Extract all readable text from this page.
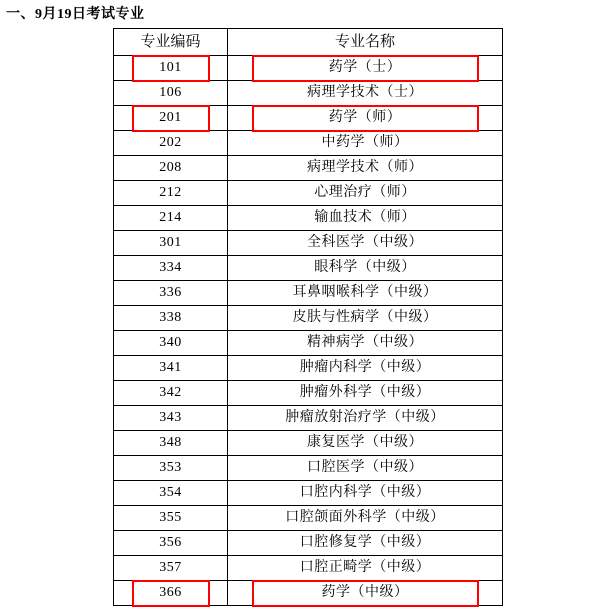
一、9月19日考试专业
专业编码	专业名称
101	药学（士）
106	病理学技术（士）
201	药学（师）
202	中药学（师）
208	病理学技术（师）
212	心理治疗（师）
214	输血技术（师）
301	全科医学（中级）
334	眼科学（中级）
336	耳鼻咽喉科学（中级）
338	皮肤与性病学（中级）
340	精神病学（中级）
341	肿瘤内科学（中级）
342	肿瘤外科学（中级）
343	肿瘤放射治疗学（中级）
348	康复医学（中级）
353	口腔医学（中级）
354	口腔内科学（中级）
355	口腔颌面外科学（中级）
356	口腔修复学（中级）
357	口腔正畸学（中级）
366	药学（中级）
